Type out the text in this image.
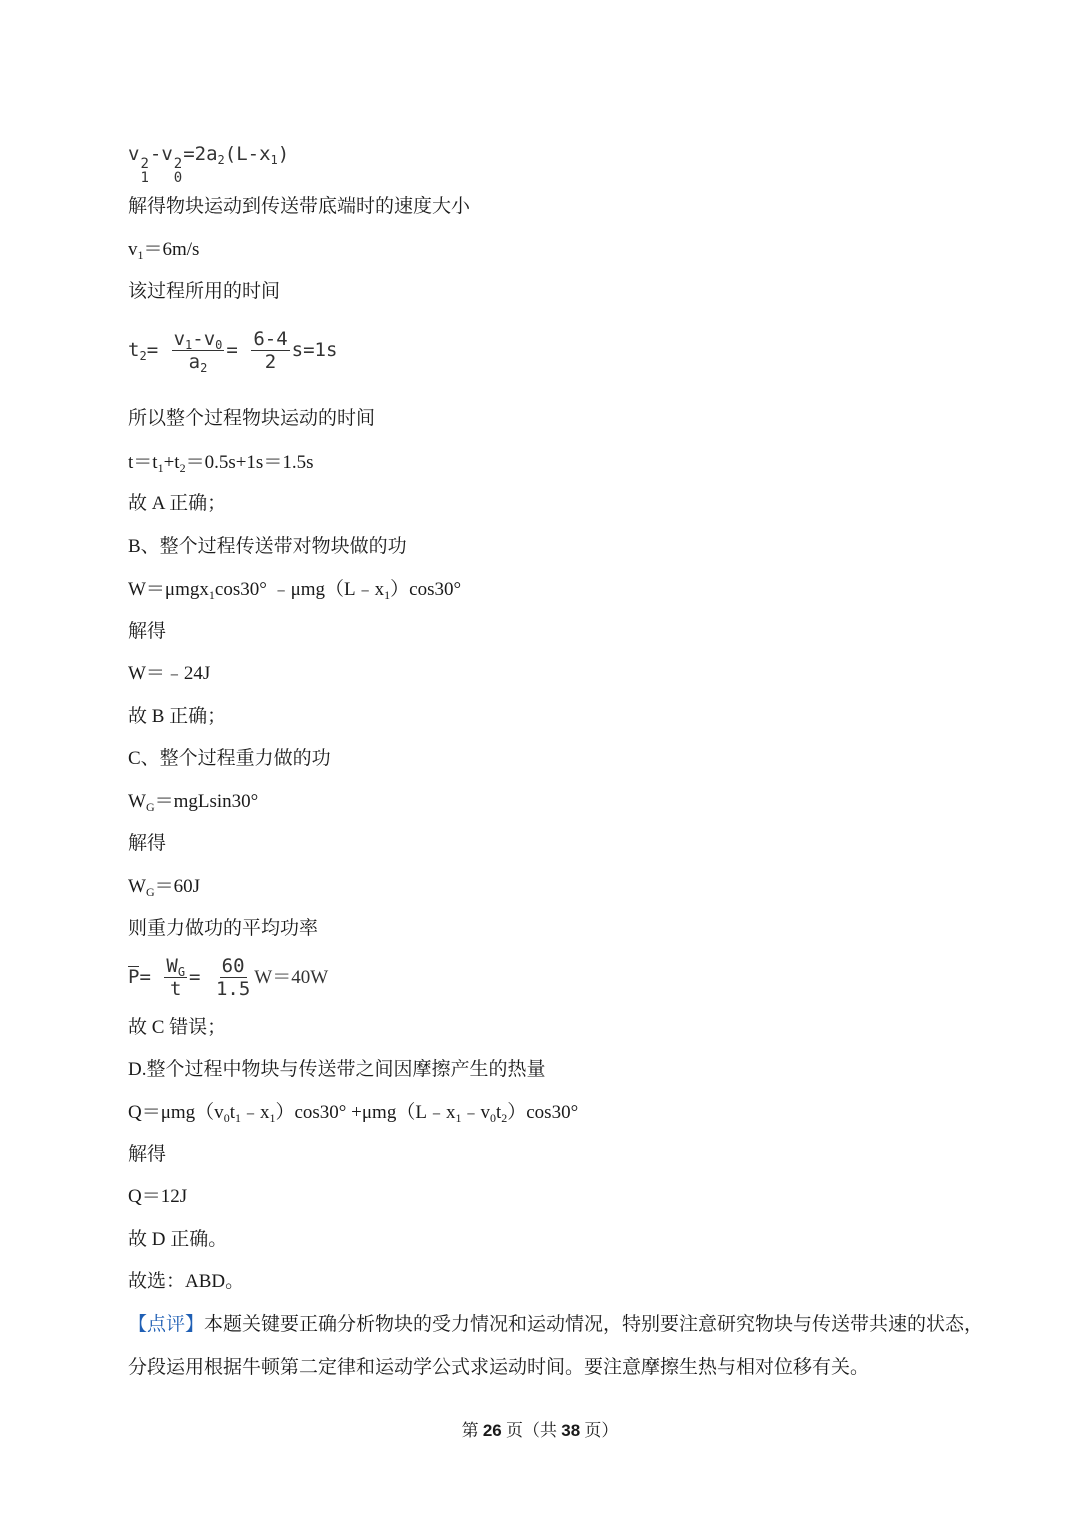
v 2
1
-v 2
0
$=2a_2(L-x_1)$
解得物块运动到传送带底端时的速度大小
$v_1=6m/s$
该过程所用的时间
$t_2= \frac{v_1-v_0}{a_2} = \frac{6-4}{2} s=1s$
所以整个过程物块运动的时间
$t=t_1+t_2=0.5s+1s=1.5s$
故 A 正确；
B、整个过程传送带对物块做的功
W＝μmgx$_1$cos30° $﹣\mu mg(L﹣x_1)\cos 30^\circ$
解得
W＝﹣24J
故 B 正确；
C、整个过程重力做的功
$W_G=mgLsin30^\circ$
解得
$W_G=60J$
则重力做功的平均功率
$P= \frac{W_G}{t} = \frac{60}{1.5} W=40W$
故 C 错误；
D.整个过程中物块与传送带之间因摩擦产生的热量
$Q=\mu mg(v_0t_1﹣x_1)\cos 30^\circ$ $+\mu mg(L﹣x_1﹣v_0t_2)\cos 30^\circ$
解得
Q＝12J
故 D 正确。
故选：ABD。
【点评】本题关键要正确分析物块的受力情况和运动情况，特别要注意研究物块与传送带共速的状态，
分段运用根据牛顿第二定律和运动学公式求运动时间。要注意摩擦生热与相对位移有关。
第 26 页（共 38 页）
